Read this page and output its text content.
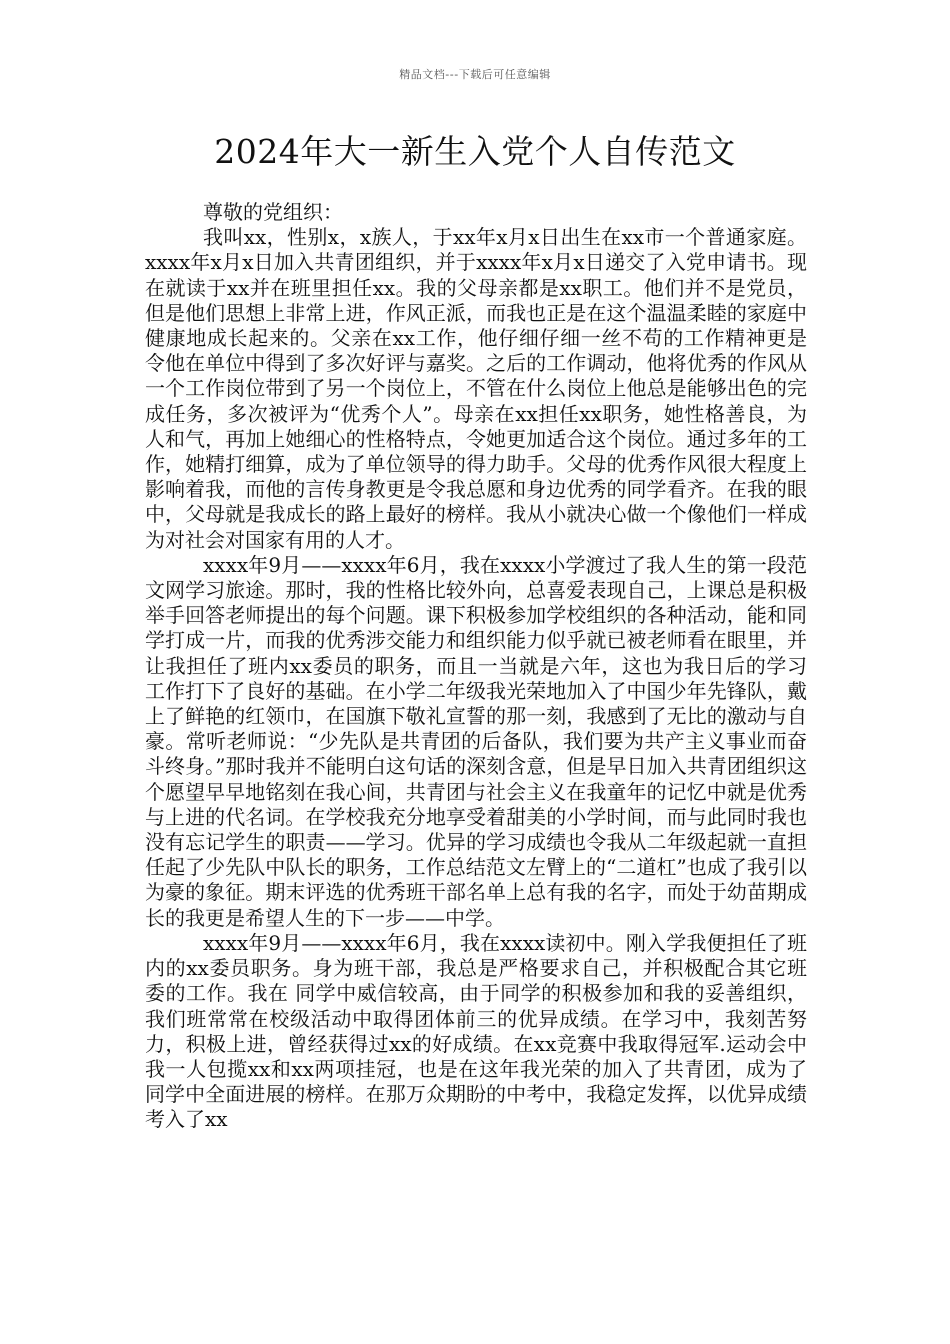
精品文档---下载后可任意编辑
2024年大一新生入党个人自传范文

尊敬的党组织：

我叫xx，性别x，x族人，于xx年x月x日出生在xx市一个普通家庭。xxxx年x月x日加入共青团组织，并于xxxx年x月x日递交了入党申请书。现在就读于xx并在班里担任xx。我的父母亲都是xx职工。他们并不是党员，但是他们思想上非常上进，作风正派，而我也正是在这个温温柔睦的家庭中健康地成长起来的。父亲在xx工作，他仔细仔细一丝不苟的工作精神更是令他在单位中得到了多次好评与嘉奖。之后的工作调动，他将优秀的作风从一个工作岗位带到了另一个岗位上，不管在什么岗位上他总是能够出色的完成任务，多次被评为“优秀个人”。母亲在xx担任xx职务，她性格善良，为人和气，再加上她细心的性格特点，令她更加适合这个岗位。通过多年的工作，她精打细算，成为了单位领导的得力助手。父母的优秀作风很大程度上影响着我，而他的言传身教更是令我总愿和身边优秀的同学看齐。在我的眼中，父母就是我成长的路上最好的榜样。我从小就决心做一个像他们一样成为对社会对国家有用的人才。

xxxx年9月——xxxx年6月，我在xxxx小学渡过了我人生的第一段范文网学习旅途。那时，我的性格比较外向，总喜爱表现自己，上课总是积极举手回答老师提出的每个问题。课下积极参加学校组织的各种活动，能和同学打成一片，而我的优秀涉交能力和组织能力似乎就已被老师看在眼里，并让我担任了班内xx委员的职务，而且一当就是六年，这也为我日后的学习工作打下了良好的基础。在小学二年级我光荣地加入了中国少年先锋队，戴上了鲜艳的红领巾，在国旗下敬礼宣誓的那一刻，我感到了无比的激动与自豪。常听老师说：“少先队是共青团的后备队，我们要为共产主义事业而奋斗终身。”那时我并不能明白这句话的深刻含意，但是早日加入共青团组织这个愿望早早地铭刻在我心间，共青团与社会主义在我童年的记忆中就是优秀与上进的代名词。在学校我充分地享受着甜美的小学时间，而与此同时我也没有忘记学生的职责——学习。优异的学习成绩也令我从二年级起就一直担任起了少先队中队长的职务，工作总结范文左臂上的“二道杠”也成了我引以为豪的象征。期末评选的优秀班干部名单上总有我的名字，而处于幼苗期成长的我更是希望人生的下一步——中学。

xxxx年9月——xxxx年6月，我在xxxx读初中。刚入学我便担任了班内的xx委员职务。身为班干部，我总是严格要求自己，并积极配合其它班委的工作。我在 同学中威信较高，由于同学的积极参加和我的妥善组织，我们班常常在校级活动中取得团体前三的优异成绩。在学习中，我刻苦努力，积极上进，曾经获得过xx的好成绩。在xx竞赛中我取得冠军.运动会中我一人包揽xx和xx两项挂冠，也是在这年我光荣的加入了共青团，成为了同学中全面进展的榜样。在那万众期盼的中考中，我稳定发挥，以优异成绩考入了xx
